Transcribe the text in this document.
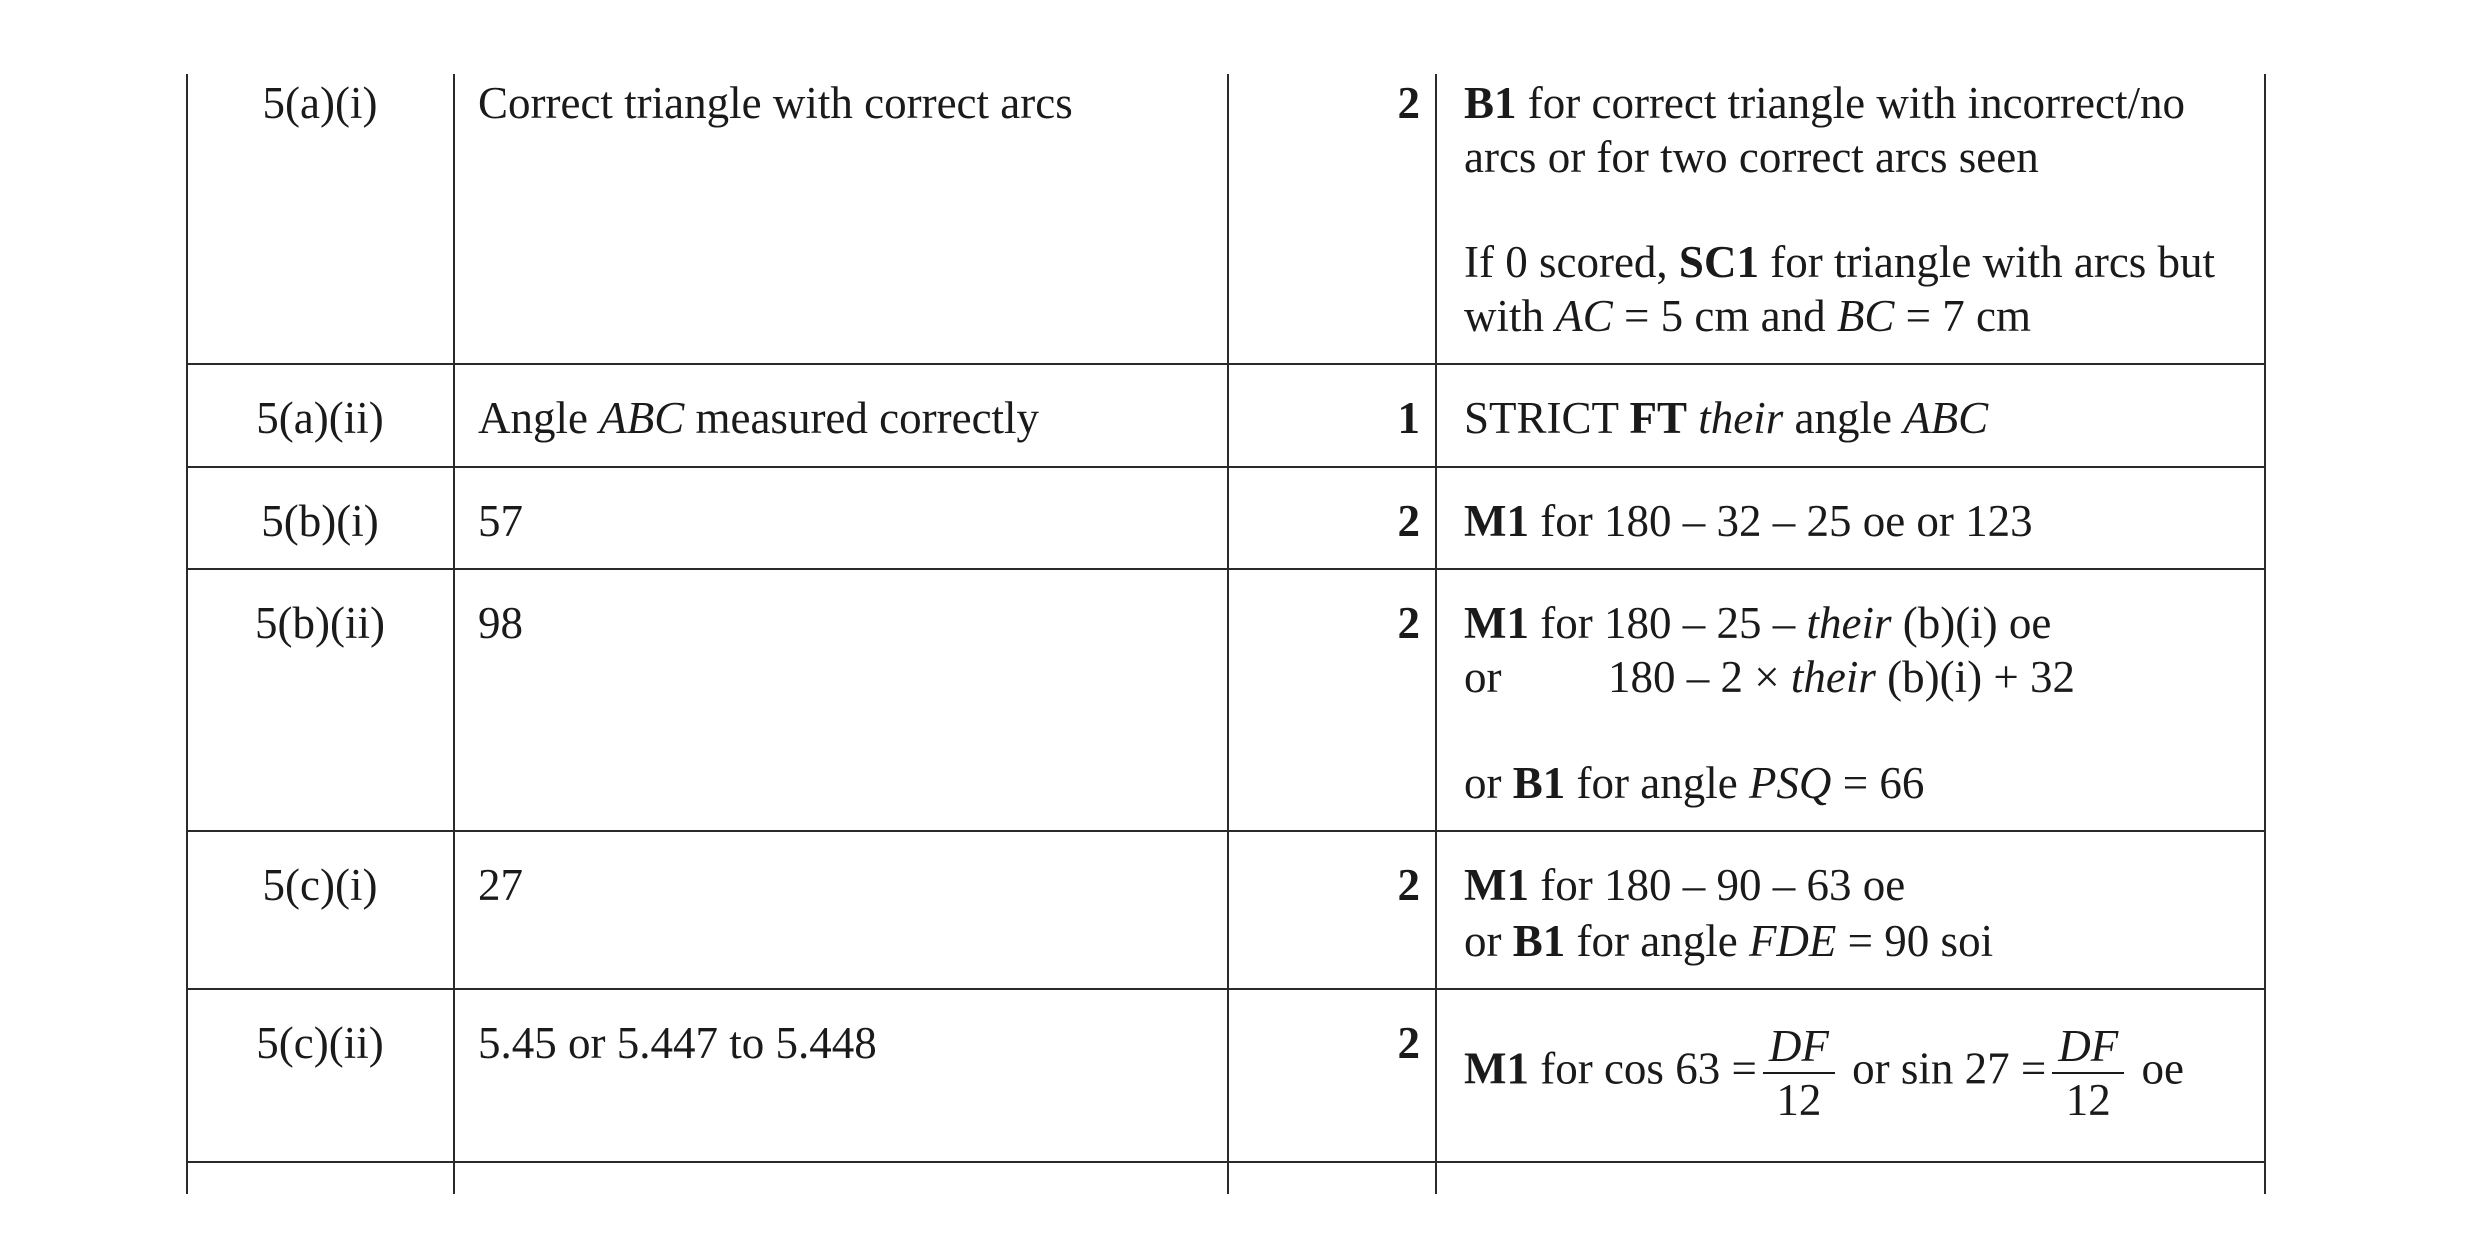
5(a)(i)	Correct triangle with correct arcs	2 B1 for correct triangle with incorrect/no
arcs or for two correct arcs seen
If 0 scored, SC1 for triangle with arcs but
with AC = 5 cm and BC = 7 cm
5(a)(ii)	Angle ABC measured correctly	1 STRICT FT their angle ABC
5(b)(i)	57	2 M1 for 180 – 32 – 25 oe or 123
5(b)(ii)	98	2 M1 for 180 – 25 – their (b)(i) oe
or 180 – 2 × their (b)(i) + 32
or B1 for angle PSQ = 66
5(c)(i)	27	2 M1 for 180 – 90 – 63 oe
or B1 for angle FDE = 90 soi
5(c)(ii)	5.45 or 5.447 to 5.448	2
M1 for $\cos 63 = \frac{DF}{12}$ or $\sin 27 = \frac{DF}{12}$ oe
